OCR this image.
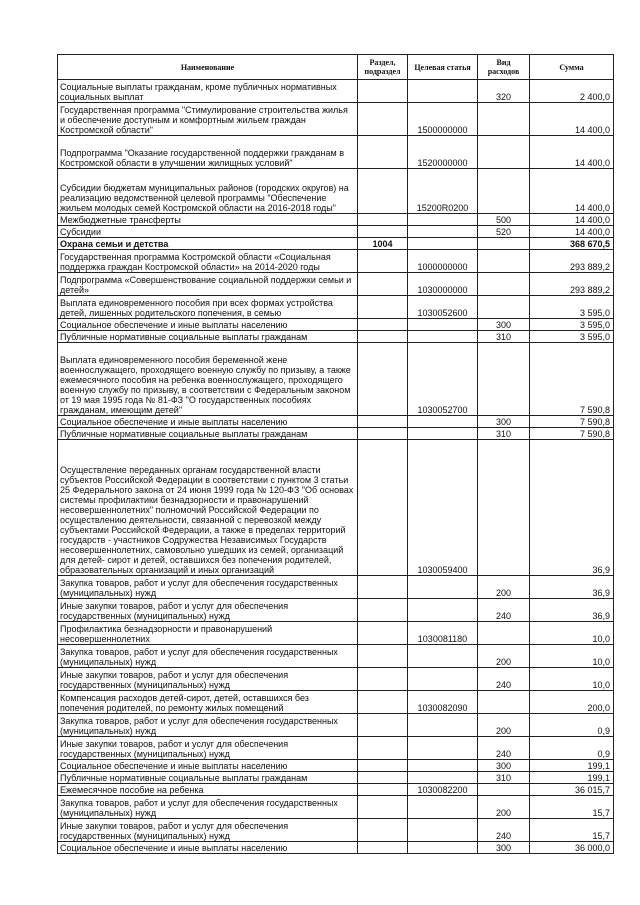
Наименование	Раздел, подраздел	Целевая статья	Вид расходов	Сумма
Социальные выплаты гражданам, кроме публичных нормативных социальных выплат			320	2 400,0
Государственная программа "Стимулирование строительства жилья и обеспечение доступным и комфортным жильем граждан Костромской области"		1500000000		14 400,0
Подпрограмма "Оказание государственной поддержки гражданам в Костромской области в улучшении жилищных условий"		1520000000		14 400,0
Субсидии бюджетам муниципальных районов (городских округов) на реализацию ведомственной целевой программы "Обеспечение жильем молодых семей Костромской области на 2016-2018 годы"		15200R0200		14 400,0
Межбюджетные трансферты			500	14 400,0
Субсидии			520	14 400,0
Охрана семьи и детства	1004			368 670,5
Государственная программа Костромской области «Социальная поддержка граждан Костромской области» на 2014-2020 годы		1000000000		293 889,2
Подпрограмма «Совершенствование социальной поддержки семьи и детей»		1030000000		293 889,2
Выплата единовременного пособия при всех формах устройства детей, лишенных родительского попечения, в семью		1030052600		3 595,0
Социальное обеспечение и иные выплаты населению			300	3 595,0
Публичные нормативные социальные выплаты гражданам			310	3 595,0
Выплата единовременного пособия беременной жене военнослужащего, проходящего военную службу по призыву, а также ежемесячного пособия на ребенка военнослужащего, проходящего военную службу по призыву, в соответствии с Федеральным законом от 19 мая 1995 года № 81-ФЗ "О государственных пособиях гражданам, имеющим детей"		1030052700		7 590,8
Социальное обеспечение и иные выплаты населению			300	7 590,8
Публичные нормативные социальные выплаты гражданам			310	7 590,8
Осуществление переданных органам государственной власти субъектов Российской Федерации в соответствии с пунктом 3 статьи 25 Федерального закона от 24 июня 1999 года № 120-ФЗ "Об основах системы профилактики безнадзорности и правонарушений несовершеннолетних" полномочий Российской Федерации по осуществлению деятельности, связанной с перевозкой между субъектами Российской Федерации, а также в пределах территорий государств - участников Содружества Независимых Государств несовершеннолетних, самовольно ушедших из семей, организаций для детей- сирот и детей, оставшихся без попечения родителей, образовательных организаций и иных организаций		1030059400		36,9
Закупка товаров, работ и услуг для обеспечения государственных (муниципальных) нужд			200	36,9
Иные закупки товаров, работ и услуг для обеспечения государственных (муниципальных) нужд			240	36,9
Профилактика безнадзорности и правонарушений несовершеннолетних		1030081180		10,0
Закупка товаров, работ и услуг для обеспечения государственных (муниципальных) нужд			200	10,0
Иные закупки товаров, работ и услуг для обеспечения государственных (муниципальных) нужд			240	10,0
Компенсация расходов детей-сирот, детей, оставшихся без попечения родителей, по ремонту жилых помещений		1030082090		200,0
Закупка товаров, работ и услуг для обеспечения государственных (муниципальных) нужд			200	0,9
Иные закупки товаров, работ и услуг для обеспечения государственных (муниципальных) нужд			240	0,9
Социальное обеспечение и иные выплаты населению			300	199,1
Публичные нормативные социальные выплаты гражданам			310	199,1
Ежемесячное пособие на ребенка		1030082200		36 015,7
Закупка товаров, работ и услуг для обеспечения государственных (муниципальных) нужд			200	15,7
Иные закупки товаров, работ и услуг для обеспечения государственных (муниципальных) нужд			240	15,7
Социальное обеспечение и иные выплаты населению			300	36 000,0
